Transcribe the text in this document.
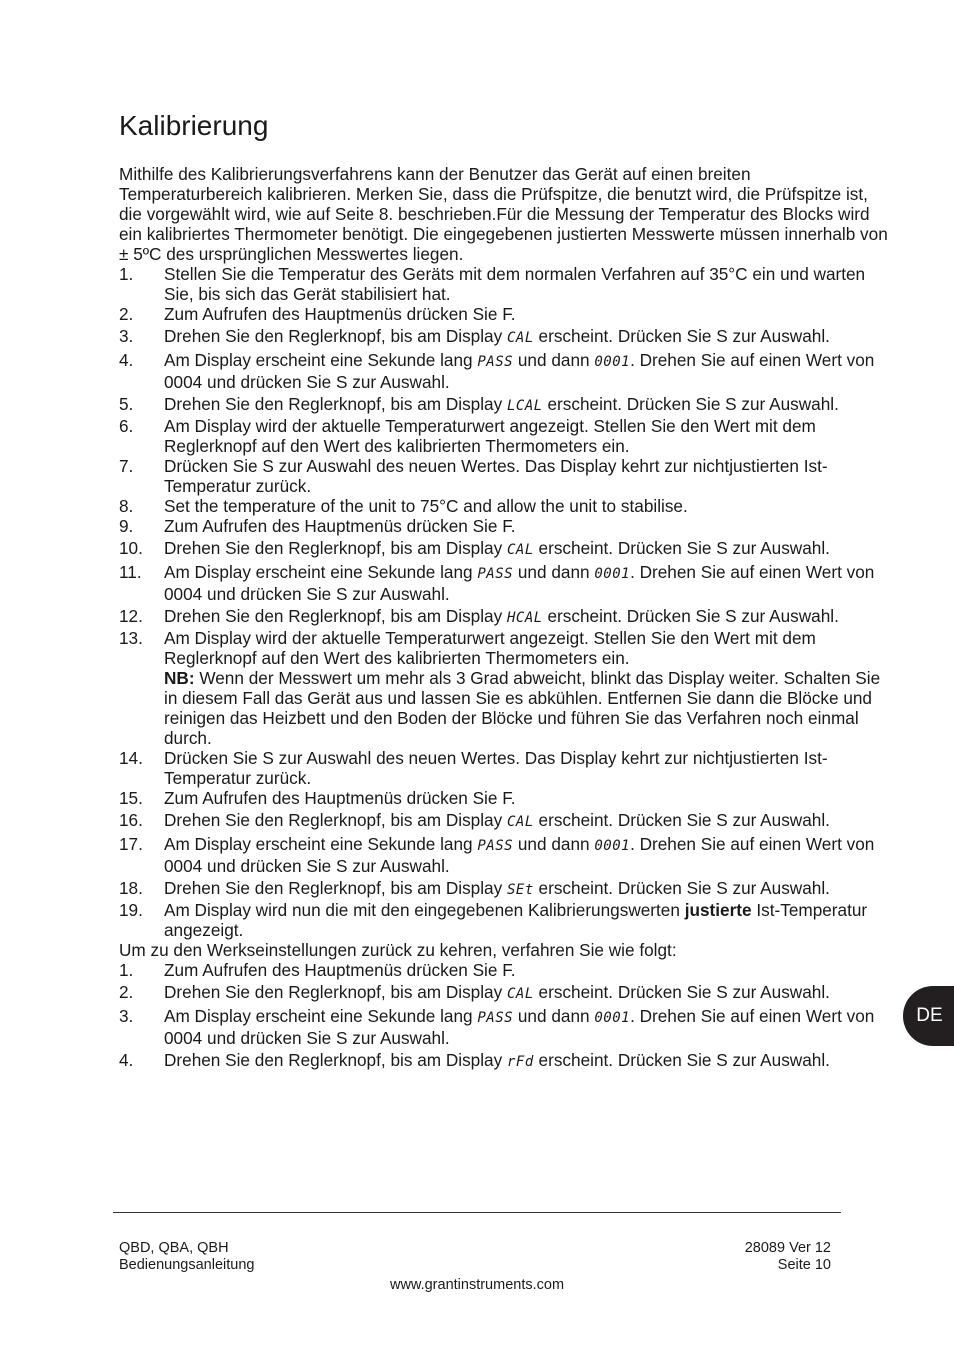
Kalibrierung

Mithilfe des Kalibrierungsverfahrens kann der Benutzer das Gerät auf einen breiten Temperaturbereich kalibrieren. Merken Sie, dass die Prüfspitze, die benutzt wird, die Prüfspitze ist, die vorgewählt wird, wie auf Seite 8. beschrieben.Für die Messung der Temperatur des Blocks wird ein kalibriertes Thermometer benötigt. Die eingegebenen justierten Messwerte müssen innerhalb von ± 5ºC des ursprünglichen Messwertes liegen.

1. Stellen Sie die Temperatur des Geräts mit dem normalen Verfahren auf 35°C ein und warten Sie, bis sich das Gerät stabilisiert hat.
2. Zum Aufrufen des Hauptmenüs drücken Sie F.
3. Drehen Sie den Reglerknopf, bis am Display CAL erscheint. Drücken Sie S zur Auswahl.
4. Am Display erscheint eine Sekunde lang PASS und dann 0001. Drehen Sie auf einen Wert von 0004 und drücken Sie S zur Auswahl.
5. Drehen Sie den Reglerknopf, bis am Display LCAL erscheint. Drücken Sie S zur Auswahl.
6. Am Display wird der aktuelle Temperaturwert angezeigt. Stellen Sie den Wert mit dem Reglerknopf auf den Wert des kalibrierten Thermometers ein.
7. Drücken Sie S zur Auswahl des neuen Wertes. Das Display kehrt zur nichtjustierten Ist-Temperatur zurück.
8. Set the temperature of the unit to 75°C and allow the unit to stabilise.
9. Zum Aufrufen des Hauptmenüs drücken Sie F.
10. Drehen Sie den Reglerknopf, bis am Display CAL erscheint. Drücken Sie S zur Auswahl.
11. Am Display erscheint eine Sekunde lang PASS und dann 0001. Drehen Sie auf einen Wert von 0004 und drücken Sie S zur Auswahl.
12. Drehen Sie den Reglerknopf, bis am Display HCAL erscheint. Drücken Sie S zur Auswahl.
13. Am Display wird der aktuelle Temperaturwert angezeigt. Stellen Sie den Wert mit dem Reglerknopf auf den Wert des kalibrierten Thermometers ein.
NB: Wenn der Messwert um mehr als 3 Grad abweicht, blinkt das Display weiter. Schalten Sie in diesem Fall das Gerät aus und lassen Sie es abkühlen. Entfernen Sie dann die Blöcke und reinigen das Heizbett und den Boden der Blöcke und führen Sie das Verfahren noch einmal durch.
14. Drücken Sie S zur Auswahl des neuen Wertes. Das Display kehrt zur nichtjustierten Ist-Temperatur zurück.
15. Zum Aufrufen des Hauptmenüs drücken Sie F.
16. Drehen Sie den Reglerknopf, bis am Display CAL erscheint. Drücken Sie S zur Auswahl.
17. Am Display erscheint eine Sekunde lang PASS und dann 0001. Drehen Sie auf einen Wert von 0004 und drücken Sie S zur Auswahl.
18. Drehen Sie den Reglerknopf, bis am Display SEt erscheint. Drücken Sie S zur Auswahl.
19. Am Display wird nun die mit den eingegebenen Kalibrierungswerten justierte Ist-Temperatur angezeigt.

Um zu den Werkseinstellungen zurück zu kehren, verfahren Sie wie folgt:

1. Zum Aufrufen des Hauptmenüs drücken Sie F.
2. Drehen Sie den Reglerknopf, bis am Display CAL erscheint. Drücken Sie S zur Auswahl.
3. Am Display erscheint eine Sekunde lang PASS und dann 0001. Drehen Sie auf einen Wert von 0004 und drücken Sie S zur Auswahl.
4. Drehen Sie den Reglerknopf, bis am Display rFd erscheint. Drücken Sie S zur Auswahl.
DE
QBD, QBA, QBH
Bedienungsanleitung
28089 Ver 12
Seite 10
www.grantinstruments.com
